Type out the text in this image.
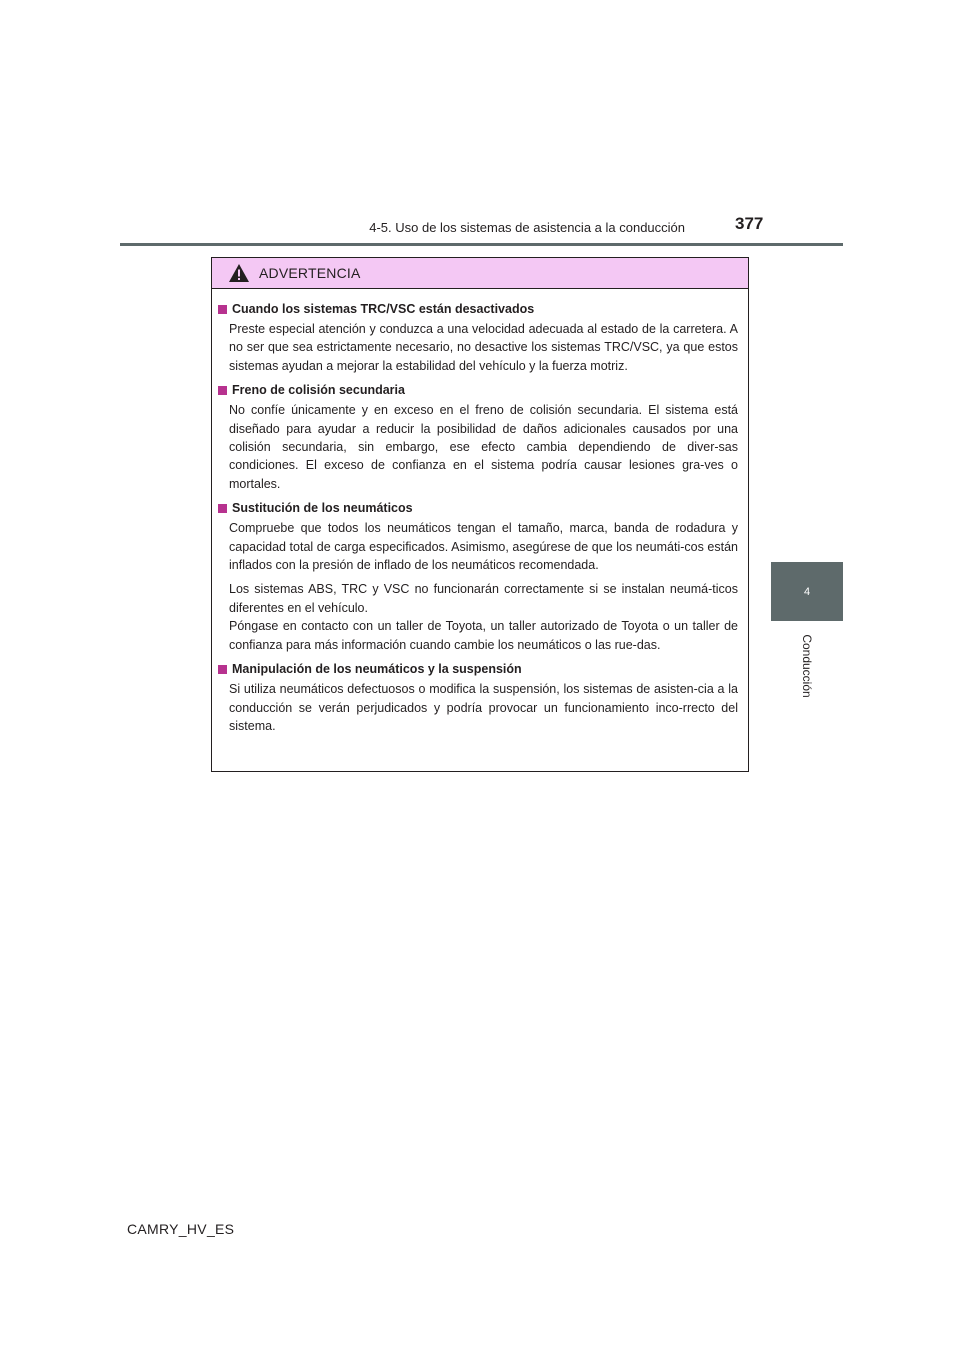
4-5. Uso de los sistemas de asistencia a la conducción	377
4
Conducción
ADVERTENCIA
Cuando los sistemas TRC/VSC están desactivados
Preste especial atención y conduzca a una velocidad adecuada al estado de la carretera. A no ser que sea estrictamente necesario, no desactive los sistemas TRC/VSC, ya que estos sistemas ayudan a mejorar la estabilidad del vehículo y la fuerza motriz.
Freno de colisión secundaria
No confíe únicamente y en exceso en el freno de colisión secundaria. El sistema está diseñado para ayudar a reducir la posibilidad de daños adicionales causados por una colisión secundaria, sin embargo, ese efecto cambia dependiendo de diver-sas condiciones. El exceso de confianza en el sistema podría causar lesiones gra-ves o mortales.
Sustitución de los neumáticos
Compruebe que todos los neumáticos tengan el tamaño, marca, banda de rodadura y capacidad total de carga especificados. Asimismo, asegúrese de que los neumáti-cos están inflados con la presión de inflado de los neumáticos recomendada.
Los sistemas ABS, TRC y VSC no funcionarán correctamente si se instalan neumá-ticos diferentes en el vehículo.
Póngase en contacto con un taller de Toyota, un taller autorizado de Toyota o un taller de confianza para más información cuando cambie los neumáticos o las rue-das.
Manipulación de los neumáticos y la suspensión
Si utiliza neumáticos defectuosos o modifica la suspensión, los sistemas de asisten-cia a la conducción se verán perjudicados y podría provocar un funcionamiento inco-rrecto del sistema.
CAMRY_HV_ES
